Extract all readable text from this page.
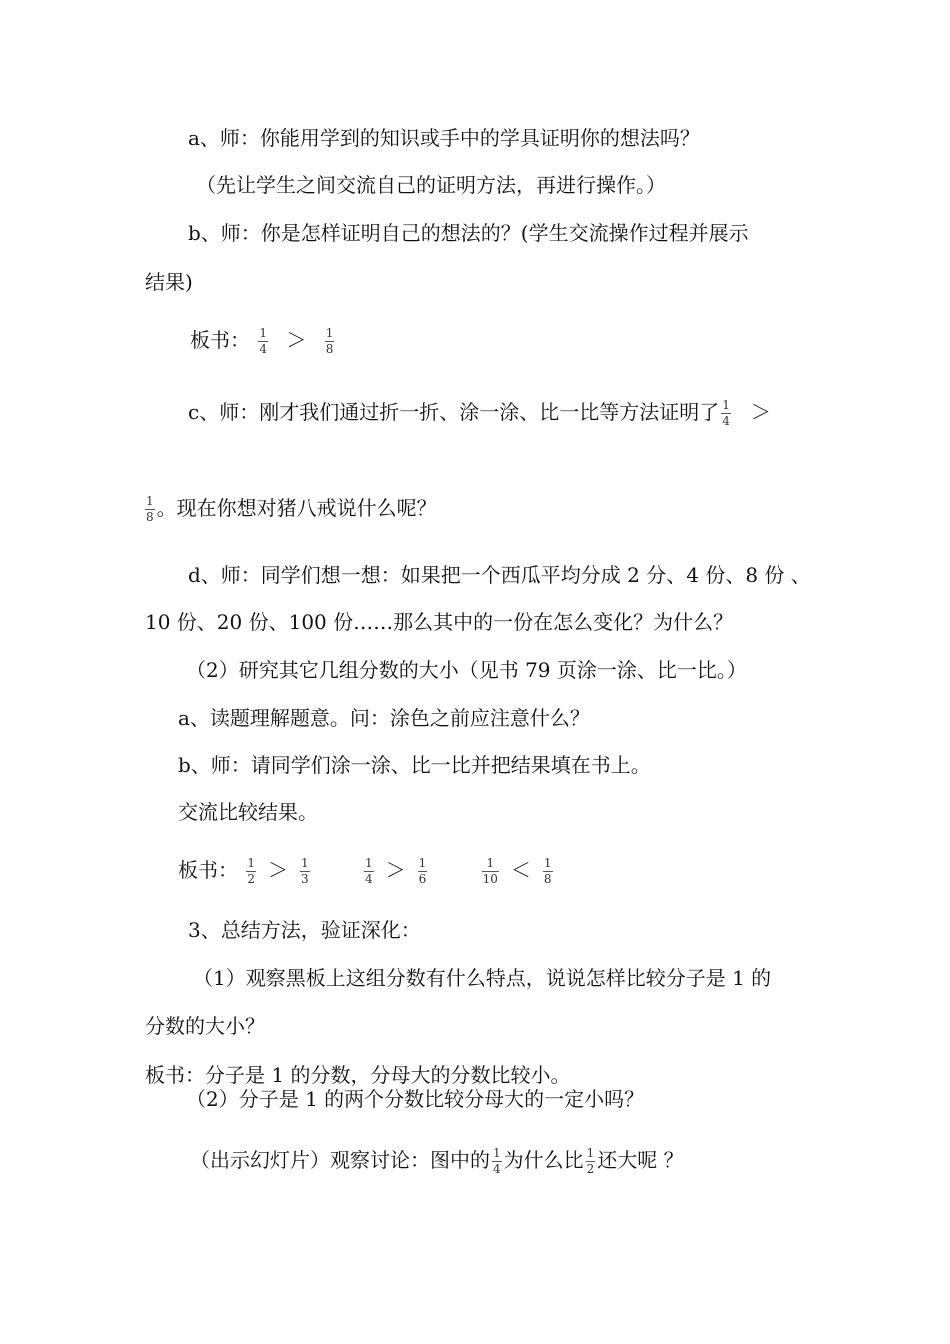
a、师：你能用学到的知识或手中的学具证明你的想法吗？
（先让学生之间交流自己的证明方法，再进行操作。）
b、师：你是怎样证明自己的想法的？(学生交流操作过程并展示
结果)
板书： $\frac{1}{4} > \frac{1}{8}$
c、师：刚才我们通过折一折、涂一涂、比一比等方法证明了 $\frac{1}{4}$ ＞
$\frac{1}{8}$ 。现在你想对猪八戒说什么呢？
d、师：同学们想一想：如果把一个西瓜平均分成 2 分、4 份、8 份 、
10 份、20 份、100 份……那么其中的一份在怎么变化？为什么？
（2）研究其它几组分数的大小（见书 79 页涂一涂、比一比。）
a、读题理解题意。问：涂色之前应注意什么？
b、师：请同学们涂一涂、比一比并把结果填在书上。
交流比较结果。
板书： $\frac{1}{2} > \frac{1}{3}$
	$\frac{1}{4} > \frac{1}{6}$
	$\frac{1}{10} < \frac{1}{8}$
3、总结方法，验证深化：
（1）观察黑板上这组分数有什么特点，说说怎样比较分子是 1 的
分数的大小？
板书：分子是 1 的分数，分母大的分数比较小。
（2）分子是 1 的两个分数比较分母大的一定小吗？
（出示幻灯片）观察讨论：图中的 $\frac{1}{4}$ 为什么比 $\frac{1}{2}$ 还大呢 ？
